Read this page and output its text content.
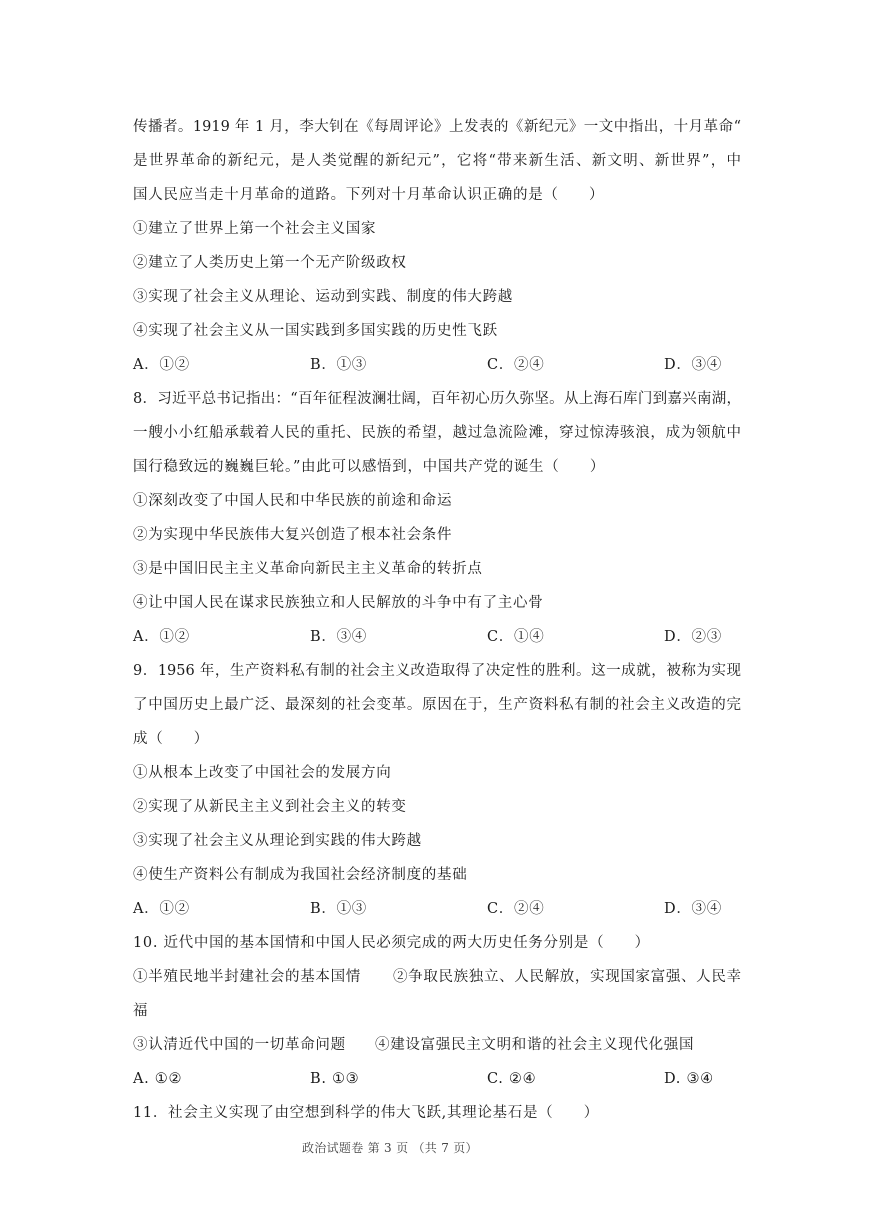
传播者。1919 年 1 月，李大钊在《每周评论》上发表的《新纪元》一文中指出，十月革命“
是世界革命的新纪元，是人类觉醒的新纪元”，它将“带来新生活、新文明、新世界”，中
国人民应当走十月革命的道路。下列对十月革命认识正确的是（　　）
①建立了世界上第一个社会主义国家
②建立了人类历史上第一个无产阶级政权
③实现了社会主义从理论、运动到实践、制度的伟大跨越
④实现了社会主义从一国实践到多国实践的历史性飞跃
A．①②	B．①③	C．②④	D．③④
8．习近平总书记指出：“百年征程波澜壮阔，百年初心历久弥坚。从上海石库门到嘉兴南湖，
一艘小小红船承载着人民的重托、民族的希望，越过急流险滩，穿过惊涛骇浪，成为领航中
国行稳致远的巍巍巨轮。”由此可以感悟到，中国共产党的诞生（　　）
①深刻改变了中国人民和中华民族的前途和命运
②为实现中华民族伟大复兴创造了根本社会条件
③是中国旧民主主义革命向新民主主义革命的转折点
④让中国人民在谋求民族独立和人民解放的斗争中有了主心骨
A．①②	B．③④	C．①④	D．②③
9．1956 年，生产资料私有制的社会主义改造取得了决定性的胜利。这一成就，被称为实现
了中国历史上最广泛、最深刻的社会变革。原因在于，生产资料私有制的社会主义改造的完
成（　　）
①从根本上改变了中国社会的发展方向
②实现了从新民主主义到社会主义的转变
③实现了社会主义从理论到实践的伟大跨越
④使生产资料公有制成为我国社会经济制度的基础
A．①②	B．①③	C．②④	D．③④
10. 近代中国的基本国情和中国人民必须完成的两大历史任务分别是（　　）
①半殖民地半封建社会的基本国情 ②争取民族独立、人民解放，实现国家富强、人民幸
福
③认清近代中国的一切革命问题 ④建设富强民主文明和谐的社会主义现代化强国
A. ①②	B. ①③	C. ②④	D. ③④
11．社会主义实现了由空想到科学的伟大飞跃,其理论基石是（　　）
政治试题卷 第 3 页 （共 7 页）
